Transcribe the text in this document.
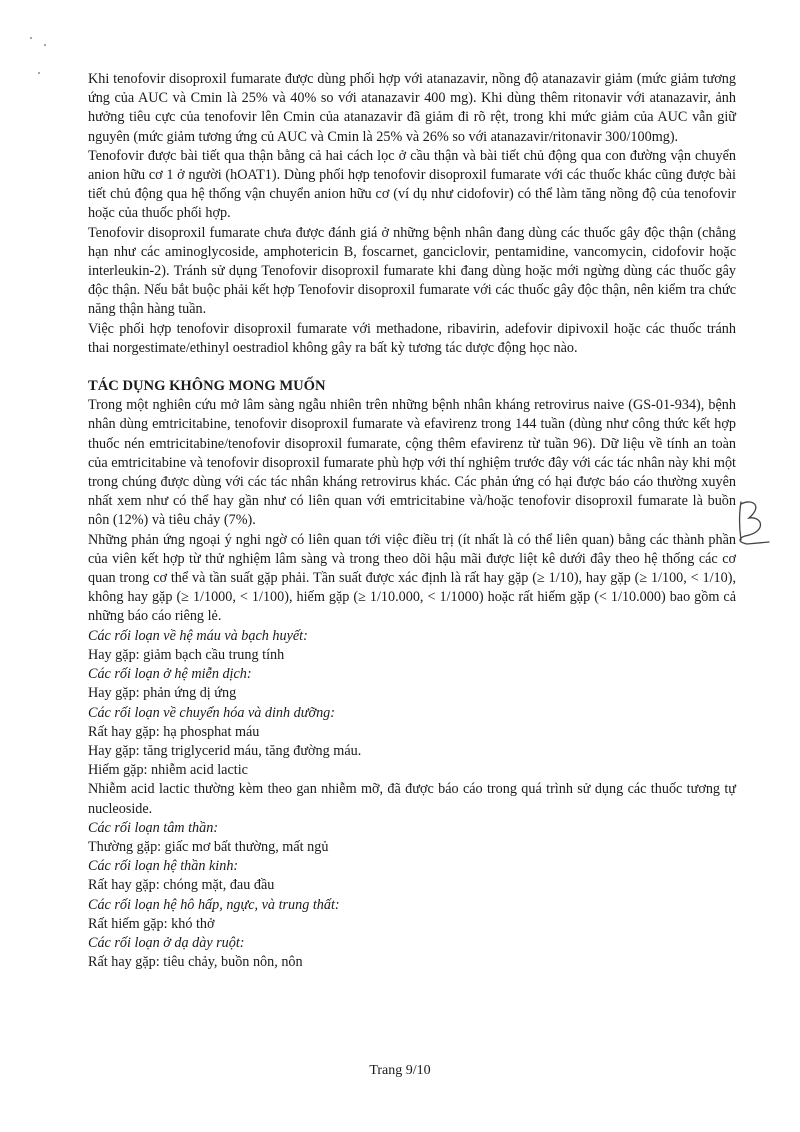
Khi tenofovir disoproxil fumarate được dùng phối hợp với atanazavir, nồng độ atanazavir giảm (mức giảm tương ứng của AUC và Cmin là 25% và 40% so với atanazavir 400 mg). Khi dùng thêm ritonavir với atanazavir, ảnh hưởng tiêu cực của tenofovir lên Cmin của atanazavir đã giảm đi rõ rệt, trong khi mức giảm của AUC vẫn giữ nguyên (mức giảm tương ứng củ AUC và Cmin là 25% và 26% so với atanazavir/ritonavir 300/100mg).

Tenofovir được bài tiết qua thận bằng cả hai cách lọc ở cầu thận và bài tiết chủ động qua con đường vận chuyển anion hữu cơ 1 ở người (hOAT1). Dùng phối hợp tenofovir disoproxil fumarate với các thuốc khác cũng được bài tiết chủ động qua hệ thống vận chuyển anion hữu cơ (ví dụ như cidofovir) có thể làm tăng nồng độ của tenofovir hoặc của thuốc phối hợp.

Tenofovir disoproxil fumarate chưa được đánh giá ở những bệnh nhân đang dùng các thuốc gây độc thận (chẳng hạn như các aminoglycoside, amphotericin B, foscarnet, ganciclovir, pentamidine, vancomycin, cidofovir hoặc interleukin-2). Tránh sử dụng Tenofovir disoproxil fumarate khi đang dùng hoặc mới ngừng dùng các thuốc gây độc thận. Nếu bắt buộc phải kết hợp Tenofovir disoproxil fumarate với các thuốc gây độc thận, nên kiểm tra chức năng thận hàng tuần.

Việc phối hợp tenofovir disoproxil fumarate với methadone, ribavirin, adefovir dipivoxil hoặc các thuốc tránh thai norgestimate/ethinyl oestradiol không gây ra bất kỳ tương tác dược động học nào.

TÁC DỤNG KHÔNG MONG MUỐN

Trong một nghiên cứu mở lâm sàng ngẫu nhiên trên những bệnh nhân kháng retrovirus naive (GS-01-934), bệnh nhân dùng emtricitabine, tenofovir disoproxil fumarate và efavirenz trong 144 tuần (dùng như công thức kết hợp thuốc nén emtricitabine/tenofovir disoproxil fumarate, cộng thêm efavirenz từ tuần 96). Dữ liệu về tính an toàn của emtricitabine và tenofovir disoproxil fumarate phù hợp với thí nghiệm trước đây với các tác nhân này khi một trong chúng được dùng với các tác nhân kháng retrovirus khác. Các phản ứng có hại được báo cáo thường xuyên nhất xem như có thể hay gần như có liên quan với emtricitabine và/hoặc tenofovir disoproxil fumarate là buồn nôn (12%) và tiêu chảy (7%).

Những phản ứng ngoại ý nghi ngờ có liên quan tới việc điều trị (ít nhất là có thể liên quan) bằng các thành phần của viên kết hợp từ thử nghiệm lâm sàng và trong theo dõi hậu mãi được liệt kê dưới đây theo hệ thống các cơ quan trong cơ thể và tần suất gặp phải. Tần suất được xác định là rất hay gặp (≥ 1/10), hay gặp (≥ 1/100, < 1/10), không hay gặp (≥ 1/1000, < 1/100), hiếm gặp (≥ 1/10.000, < 1/1000) hoặc rất hiếm gặp (< 1/10.000) bao gồm cả những báo cáo riêng lẻ.

Các rối loạn về hệ máu và bạch huyết:

Hay gặp: giảm bạch cầu trung tính

Các rối loạn ở hệ miễn dịch:

Hay gặp: phản ứng dị ứng

Các rối loạn về chuyển hóa và dinh dưỡng:

Rất hay gặp: hạ phosphat máu

Hay gặp: tăng triglycerid máu, tăng đường máu.

Hiếm gặp: nhiễm acid lactic

Nhiễm acid lactic thường kèm theo gan nhiễm mỡ, đã được báo cáo trong quá trình sử dụng các thuốc tương tự nucleoside.

Các rối loạn tâm thần:

Thường gặp: giấc mơ bất thường, mất ngủ

Các rối loạn hệ thần kinh:

Rất hay gặp: chóng mặt, đau đầu

Các rối loạn hệ hô hấp, ngực, và trung thất:

Rất hiếm gặp: khó thở

Các rối loạn ở dạ dày ruột:

Rất hay gặp: tiêu chảy, buồn nôn, nôn

Trang 9/10
